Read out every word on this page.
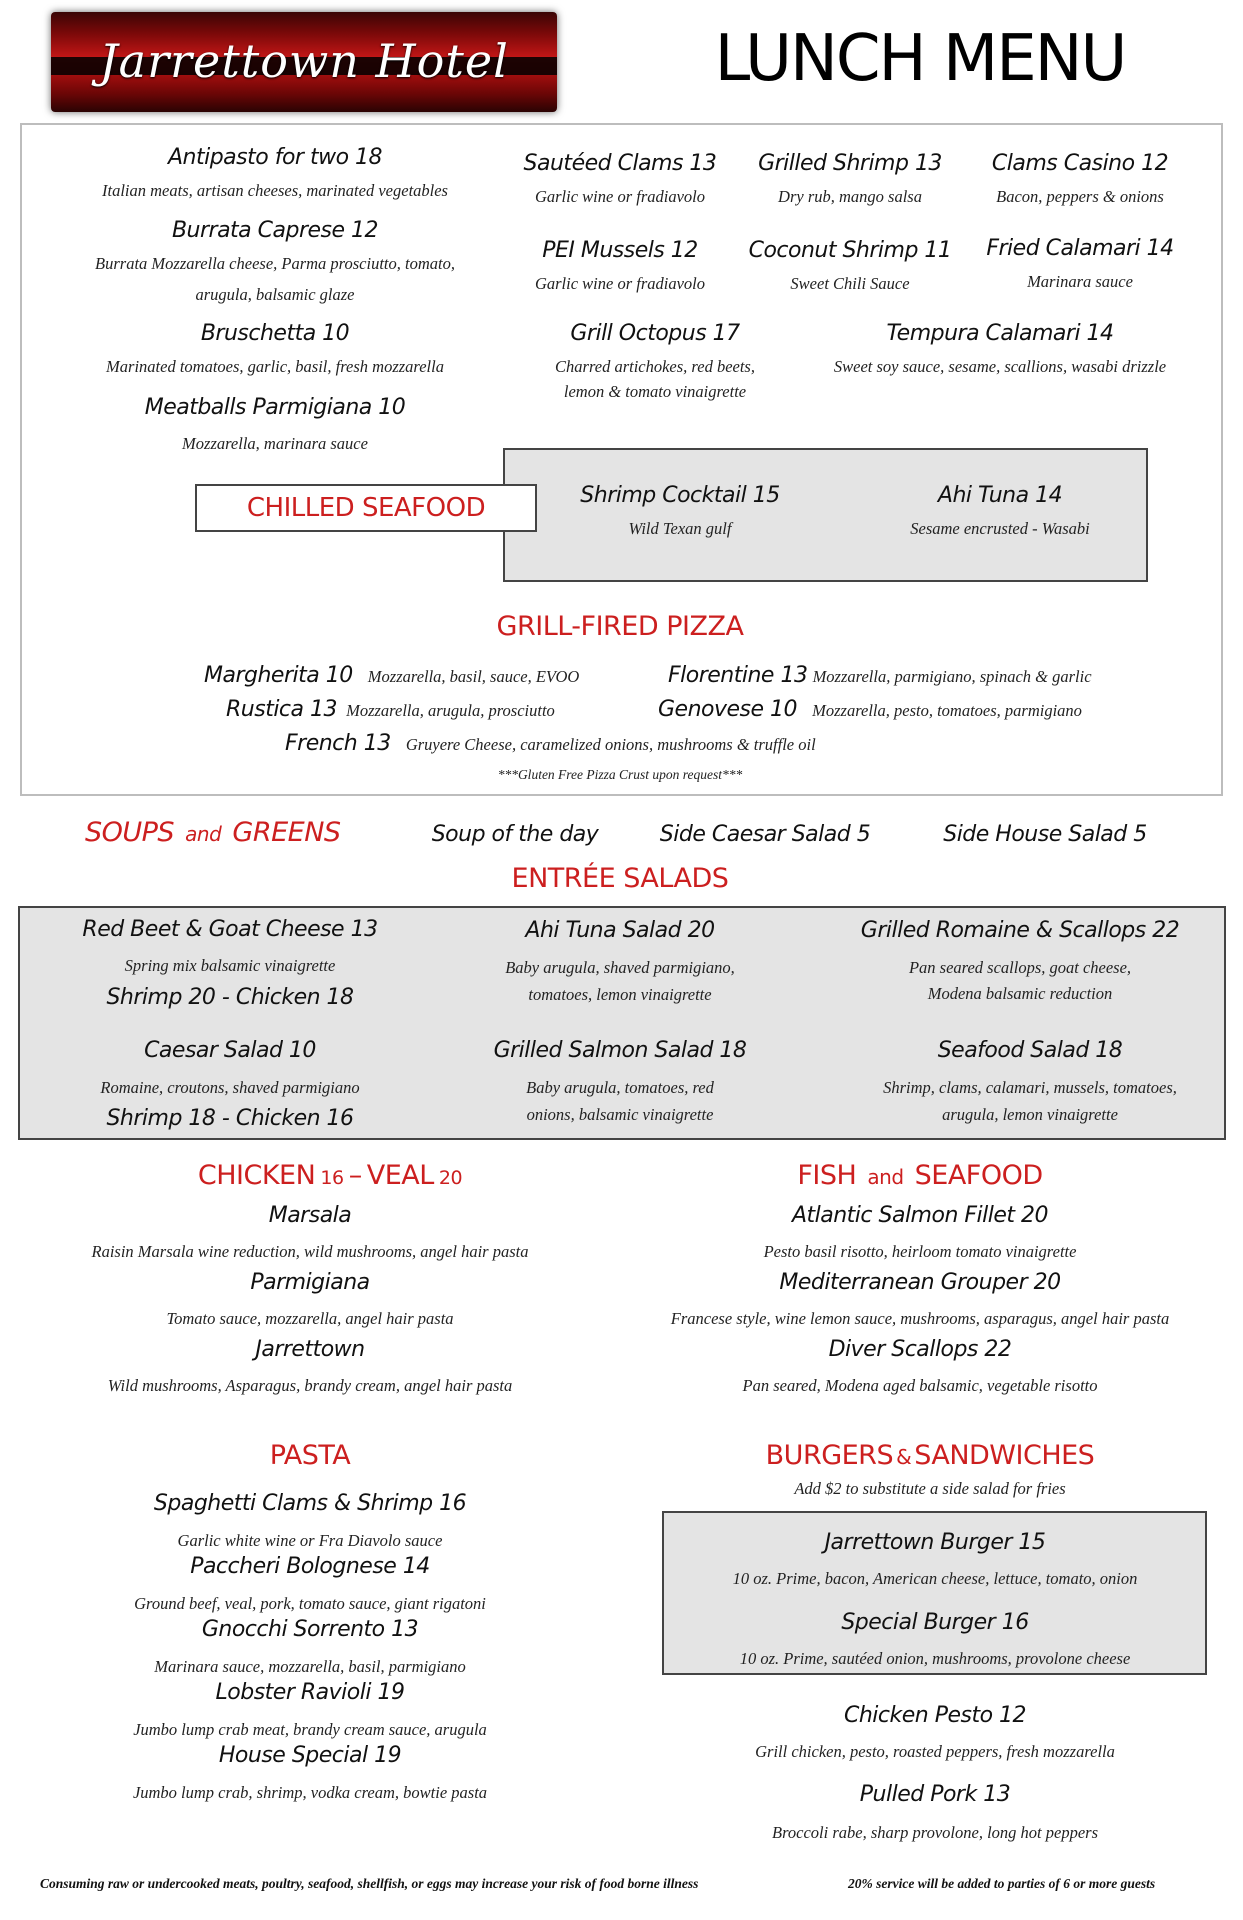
Jarrettown Hotel	LUNCH MENU
Antipasto for two 18
Italian meats, artisan cheeses, marinated vegetables
Burrata Caprese 12
Burrata Mozzarella cheese, Parma prosciutto, tomato,
arugula, balsamic glaze
Bruschetta 10
Marinated tomatoes, garlic, basil, fresh mozzarella
Meatballs Parmigiana 10
Mozzarella, marinara sauce
Sautéed Clams 13
Garlic wine or fradiavolo
Grilled Shrimp 13
Dry rub, mango salsa
Clams Casino 12
Bacon, peppers & onions
PEI Mussels 12
Garlic wine or fradiavolo
Coconut Shrimp 11
Sweet Chili Sauce
Fried Calamari 14
Marinara sauce
Grill Octopus 17
Charred artichokes, red beets,
lemon & tomato vinaigrette
Tempura Calamari 14
Sweet soy sauce, sesame, scallions, wasabi drizzle
CHILLED SEAFOOD	Shrimp Cocktail 15
Wild Texan gulf
Ahi Tuna 14
Sesame encrusted - Wasabi
GRILL-FIRED PIZZA
Margherita 10 Mozzarella, basil, sauce, EVOO	Florentine 13 Mozzarella, parmigiano, spinach & garlic
Rustica 13 Mozzarella, arugula, prosciutto	Genovese 10 Mozzarella, pesto, tomatoes, parmigiano
French 13 Gruyere Cheese, caramelized onions, mushrooms & truffle oil
***Gluten Free Pizza Crust upon request***
SOUPS and GREENS	Soup of the day	Side Caesar Salad 5	Side House Salad 5
ENTRÉE SALADS
Red Beet & Goat Cheese 13
Spring mix balsamic vinaigrette
Shrimp 20 - Chicken 18
Ahi Tuna Salad 20
Baby arugula, shaved parmigiano,
tomatoes, lemon vinaigrette
Grilled Romaine & Scallops 22
Pan seared scallops, goat cheese,
Modena balsamic reduction
Caesar Salad 10
Romaine, croutons, shaved parmigiano
Shrimp 18 - Chicken 16
Grilled Salmon Salad 18
Baby arugula, tomatoes, red
onions, balsamic vinaigrette
Seafood Salad 18
Shrimp, clams, calamari, mussels, tomatoes,
arugula, lemon vinaigrette
CHICKEN 16 – VEAL 20
Marsala
Raisin Marsala wine reduction, wild mushrooms, angel hair pasta
Parmigiana
Tomato sauce, mozzarella, angel hair pasta
Jarrettown
Wild mushrooms, Asparagus, brandy cream, angel hair pasta
FISH and SEAFOOD
Atlantic Salmon Fillet 20
Pesto basil risotto, heirloom tomato vinaigrette
Mediterranean Grouper 20
Francese style, wine lemon sauce, mushrooms, asparagus, angel hair pasta
Diver Scallops 22
Pan seared, Modena aged balsamic, vegetable risotto
PASTA
Spaghetti Clams & Shrimp 16
Garlic white wine or Fra Diavolo sauce
Paccheri Bolognese 14
Ground beef, veal, pork, tomato sauce, giant rigatoni
Gnocchi Sorrento 13
Marinara sauce, mozzarella, basil, parmigiano
Lobster Ravioli 19
Jumbo lump crab meat, brandy cream sauce, arugula
House Special 19
Jumbo lump crab, shrimp, vodka cream, bowtie pasta
BURGERS & SANDWICHES
Add $2 to substitute a side salad for fries
Jarrettown Burger 15
10 oz. Prime, bacon, American cheese, lettuce, tomato, onion
Special Burger 16
10 oz. Prime, sautéed onion, mushrooms, provolone cheese
Chicken Pesto 12
Grill chicken, pesto, roasted peppers, fresh mozzarella
Pulled Pork 13
Broccoli rabe, sharp provolone, long hot peppers
Consuming raw or undercooked meats, poultry, seafood, shellfish, or eggs may increase your risk of food borne illness	20% service will be added to parties of 6 or more guests
